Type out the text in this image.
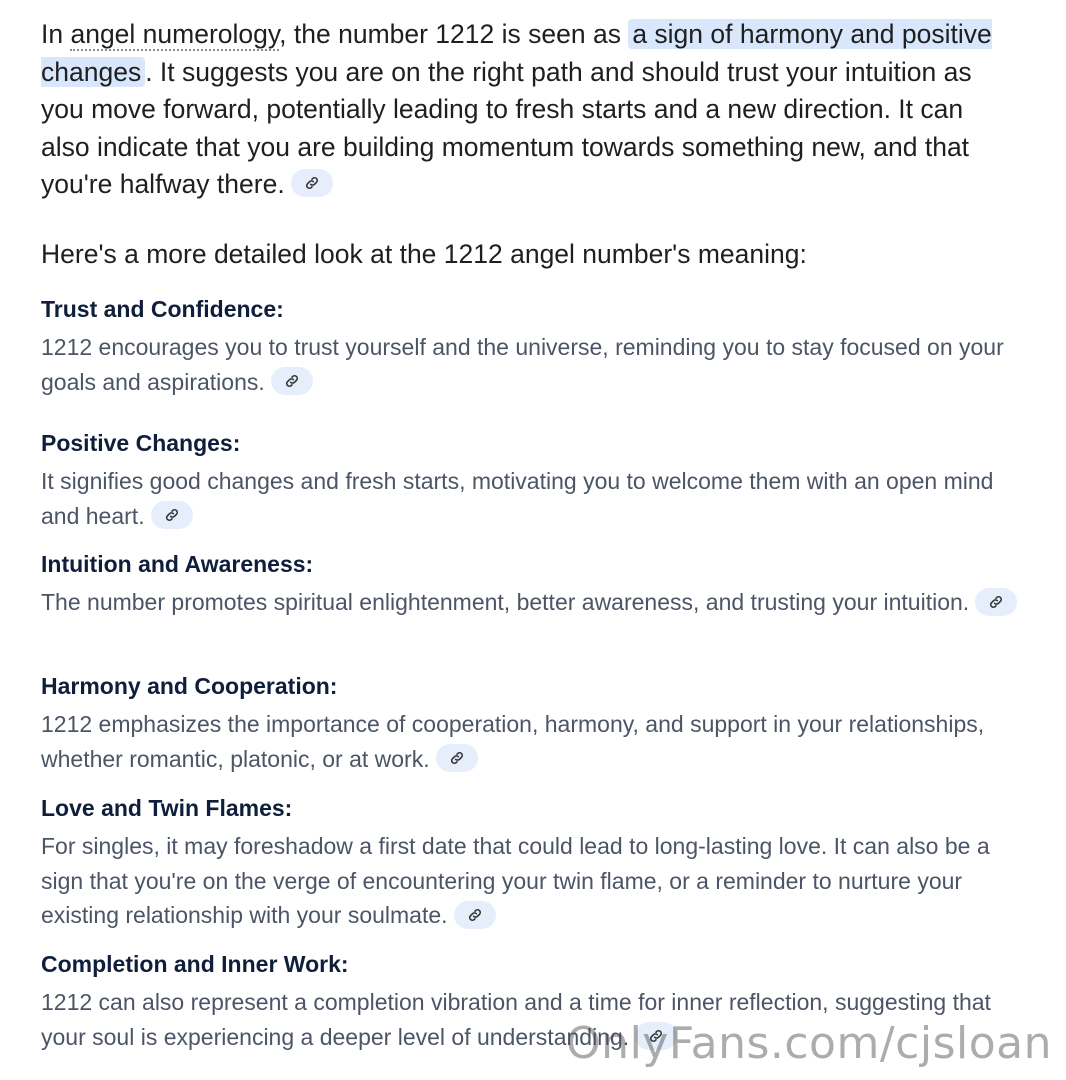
In angel numerology, the number 1212 is seen as a sign of harmony and positive changes . It suggests you are on the right path and should trust your intuition as you move forward, potentially leading to fresh starts and a new direction. It can also indicate that you are building momentum towards something new, and that you're halfway there.
Here's a more detailed look at the 1212 angel number's meaning:
Trust and Confidence:

1212 encourages you to trust yourself and the universe, reminding you to stay focused on your goals and aspirations.

Positive Changes:

It signifies good changes and fresh starts, motivating you to welcome them with an open mind and heart.

Intuition and Awareness:

The number promotes spiritual enlightenment, better awareness, and trusting your intuition.

Harmony and Cooperation:

1212 emphasizes the importance of cooperation, harmony, and support in your relationships, whether romantic, platonic, or at work.

Love and Twin Flames:

For singles, it may foreshadow a first date that could lead to long-lasting love. It can also be a sign that you're on the verge of encountering your twin flame, or a reminder to nurture your existing relationship with your soulmate.

Completion and Inner Work:

1212 can also represent a completion vibration and a time for inner reflection, suggesting that your soul is experiencing a deeper level of understanding.

OnlyFans.com/cjsloan
